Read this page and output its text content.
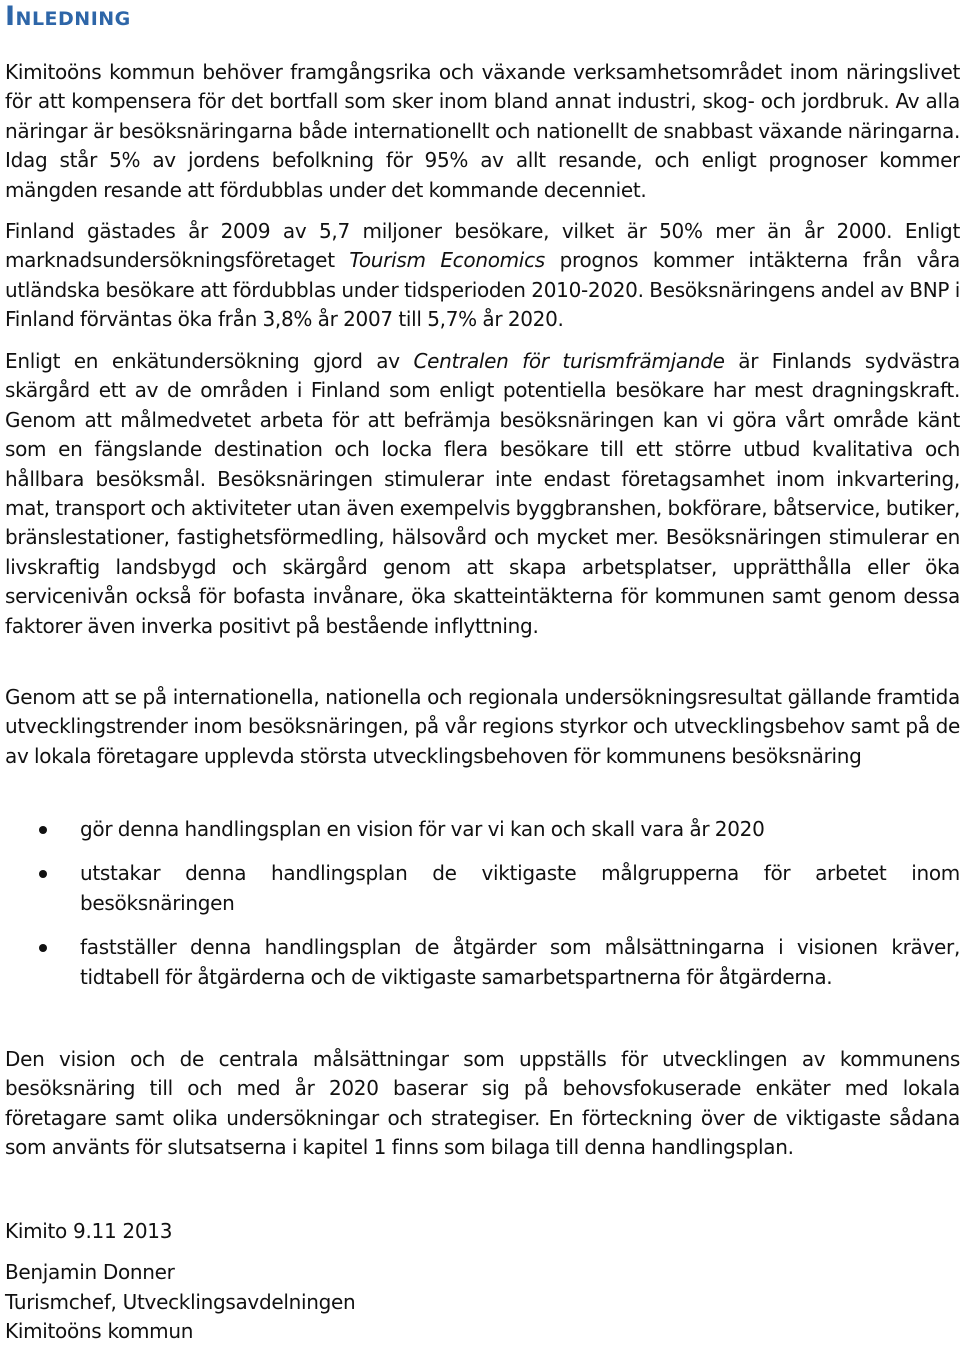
Inledning

Kimitoöns kommun behöver framgångsrika och växande verksamhetsområdet inom näringslivet för att kompensera för det bortfall som sker inom bland annat industri, skog- och jordbruk. Av alla näringar är besöksnäringarna både internationellt och nationellt de snabbast växande näringarna. Idag står 5% av jordens befolkning för 95% av allt resande, och enligt prognoser kommer mängden resande att fördubblas under det kommande decenniet.

Finland gästades år 2009 av 5,7 miljoner besökare, vilket är 50% mer än år 2000. Enligt marknadsundersökningsföretaget Tourism Economics prognos kommer intäkterna från våra utländska besökare att fördubblas under tidsperioden 2010-2020. Besöksnäringens andel av BNP i Finland förväntas öka från 3,8% år 2007 till 5,7% år 2020.

Enligt en enkätundersökning gjord av Centralen för turismfrämjande är Finlands sydvästra skärgård ett av de områden i Finland som enligt potentiella besökare har mest dragningskraft. Genom att målmedvetet arbeta för att befrämja besöksnäringen kan vi göra vårt område känt som en fängslande destination och locka flera besökare till ett större utbud kvalitativa och hållbara besöksmål. Besöksnäringen stimulerar inte endast företagsamhet inom inkvartering, mat, transport och aktiviteter utan även exempelvis byggbranshen, bokförare, båtservice, butiker, bränslestationer, fastighetsförmedling, hälsovård och mycket mer. Besöksnäringen stimulerar en livskraftig landsbygd och skärgård genom att skapa arbetsplatser, upprätthålla eller öka servicenivån också för bofasta invånare, öka skatteintäkterna för kommunen samt genom dessa faktorer även inverka positivt på bestående inflyttning.

Genom att se på internationella, nationella och regionala undersökningsresultat gällande framtida utvecklingstrender inom besöksnäringen, på vår regions styrkor och utvecklingsbehov samt på de av lokala företagare upplevda största utvecklingsbehoven för kommunens besöksnäring

gör denna handlingsplan en vision för var vi kan och skall vara år 2020
utstakar denna handlingsplan de viktigaste målgrupperna för arbetet inom besöksnäringen
fastställer denna handlingsplan de åtgärder som målsättningarna i visionen kräver, tidtabell för åtgärderna och de viktigaste samarbetspartnerna för åtgärderna.

Den vision och de centrala målsättningar som uppställs för utvecklingen av kommunens besöksnäring till och med år 2020 baserar sig på behovsfokuserade enkäter med lokala företagare samt olika undersökningar och strategiser. En förteckning över de viktigaste sådana som använts för slutsatserna i kapitel 1 finns som bilaga till denna handlingsplan.

Kimito 9.11 2013
Benjamin Donner
Turismchef, Utvecklingsavdelningen
Kimitoöns kommun
